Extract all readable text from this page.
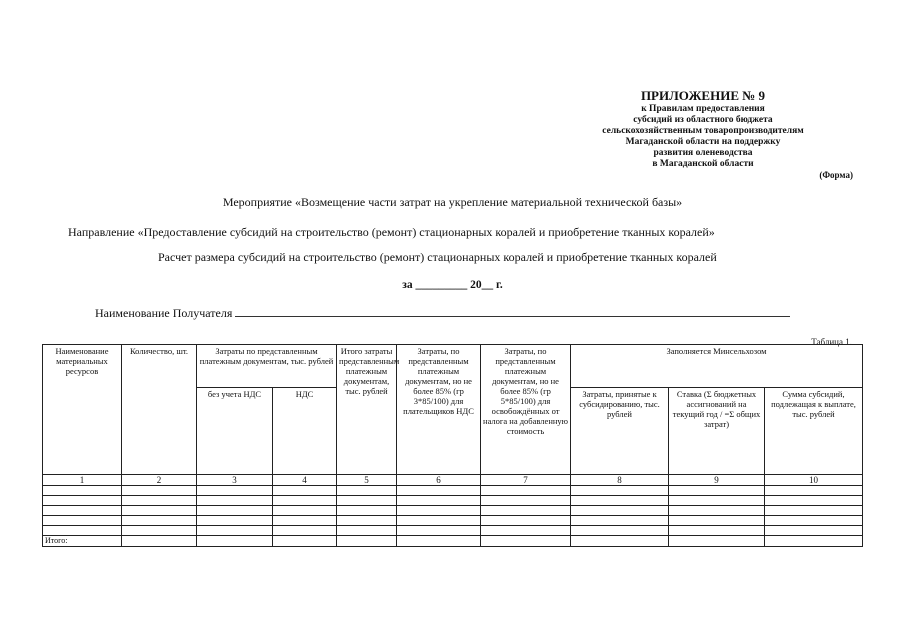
ПРИЛОЖЕНИЕ № 9
к Правилам предоставления
субсидий из областного бюджета
сельскохозяйственным товаропроизводителям
Магаданской области на поддержку
развития оленеводства
в Магаданской области
(Форма)
Мероприятие «Возмещение части затрат на укрепление материальной технической базы»
Направление «Предоставление субсидий на строительство (ремонт) стационарных коралей и приобретение тканных коралей»
Расчет размера субсидий на строительство (ремонт) стационарных коралей и приобретение тканных коралей
за _________ 20__ г.
Наименование Получателя
Таблица 1.
Наименование материальных ресурсов	Количество, шт.	Затраты по представленным платежным документам, тыс. рублей		Итого затраты представленным платежным документам, тыс. рублей	Затраты, по представленным платежным документам, но не более 85% (гр 3*85/100) для плательщиков НДС	Затраты, по представленным платежным документам, но не более 85% (гр 5*85/100) для освобождённых от налога на добавленную стоимость	Заполняется Минсельхозом		
		без учета НДС	НДС				Затраты, принятые к субсидированию, тыс. рублей	Ставка (Σ бюджетных ассигнований на текущий год / =Σ общих затрат)	Сумма субсидий, подлежащая к выплате, тыс. рублей
1	2	3	4	5	6	7	8	9	10

Итого:									
